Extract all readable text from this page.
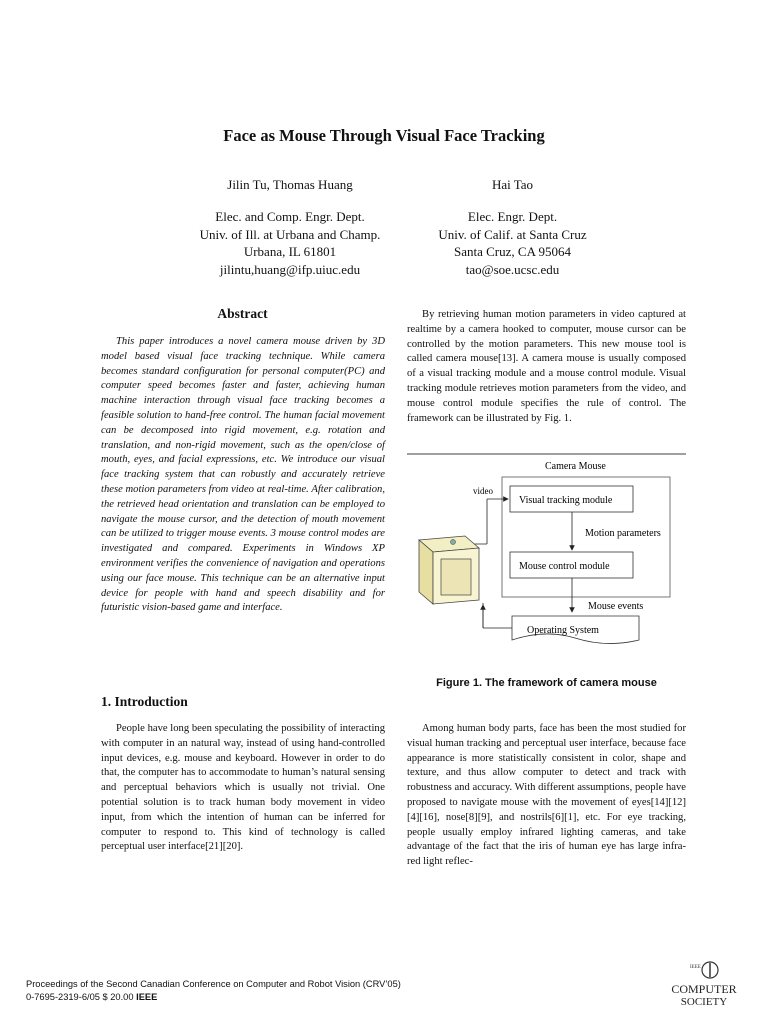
Face as Mouse Through Visual Face Tracking
Jilin Tu, Thomas Huang	Hai Tao
Elec. and Comp. Engr. Dept.
Univ. of Ill. at Urbana and Champ.
Urbana, IL 61801
jilintu,huang@ifp.uiuc.edu
Elec. Engr. Dept.
Univ. of Calif. at Santa Cruz
Santa Cruz, CA 95064
tao@soe.ucsc.edu
Abstract
This paper introduces a novel camera mouse driven by 3D model based visual face tracking technique. While camera becomes standard configuration for personal computer(PC) and computer speed becomes faster and faster, achieving human machine interaction through visual face tracking becomes a feasible solution to hand-free control. The human facial movement can be decomposed into rigid movement, e.g. rotation and translation, and non-rigid movement, such as the open/close of mouth, eyes, and facial expressions, etc. We introduce our visual face tracking system that can robustly and accurately retrieve these motion parameters from video at real-time. After calibration, the retrieved head orientation and translation can be employed to navigate the mouse cursor, and the detection of mouth movement can be utilized to trigger mouse events. 3 mouse control modes are investigated and compared. Experiments in Windows XP environment verifies the convenience of navigation and operations using our face mouse. This technique can be an alternative input device for people with hand and speech disability and for futuristic vision-based game and interface.
By retrieving human motion parameters in video captured at realtime by a camera hooked to computer, mouse cursor can be controlled by the motion parameters. This new mouse tool is called camera mouse[13]. A camera mouse is usually composed of a visual tracking module and a mouse control module. Visual tracking module retrieves motion parameters from the video, and mouse control module specifies the rule of control. The framework can be illustrated by Fig. 1.
Camera Mouse
Visual tracking module
Motion parameters
Mouse control module
Mouse events
Operating System
video
Figure 1. The framework of camera mouse
1. Introduction
People have long been speculating the possibility of interacting with computer in an natural way, instead of using hand-controlled input devices, e.g. mouse and keyboard. However in order to do that, the computer has to accommodate to human’s natural sensing and perceptual behaviors which is usually not trivial. One potential solution is to track human body movement in video input, from which the intention of human can be inferred for computer to respond to. This kind of technology is called perceptual user interface[21][20].
Among human body parts, face has been the most studied for visual human tracking and perceptual user interface, because face appearance is more statistically consistent in color, shape and texture, and thus allow computer to detect and track with robustness and accuracy. With different assumptions, people have proposed to navigate mouse with the movement of eyes[14][12][4][16], nose[8][9], and nostrils[6][1], etc. For eye tracking, people usually employ infrared lighting cameras, and take advantage of the fact that the iris of human eye has large infra-red light reflec-
Proceedings of the Second Canadian Conference on Computer and Robot Vision (CRV’05)
0-7695-2319-6/05 $ 20.00 IEEE
IEEE
COMPUTER
SOCIETY
